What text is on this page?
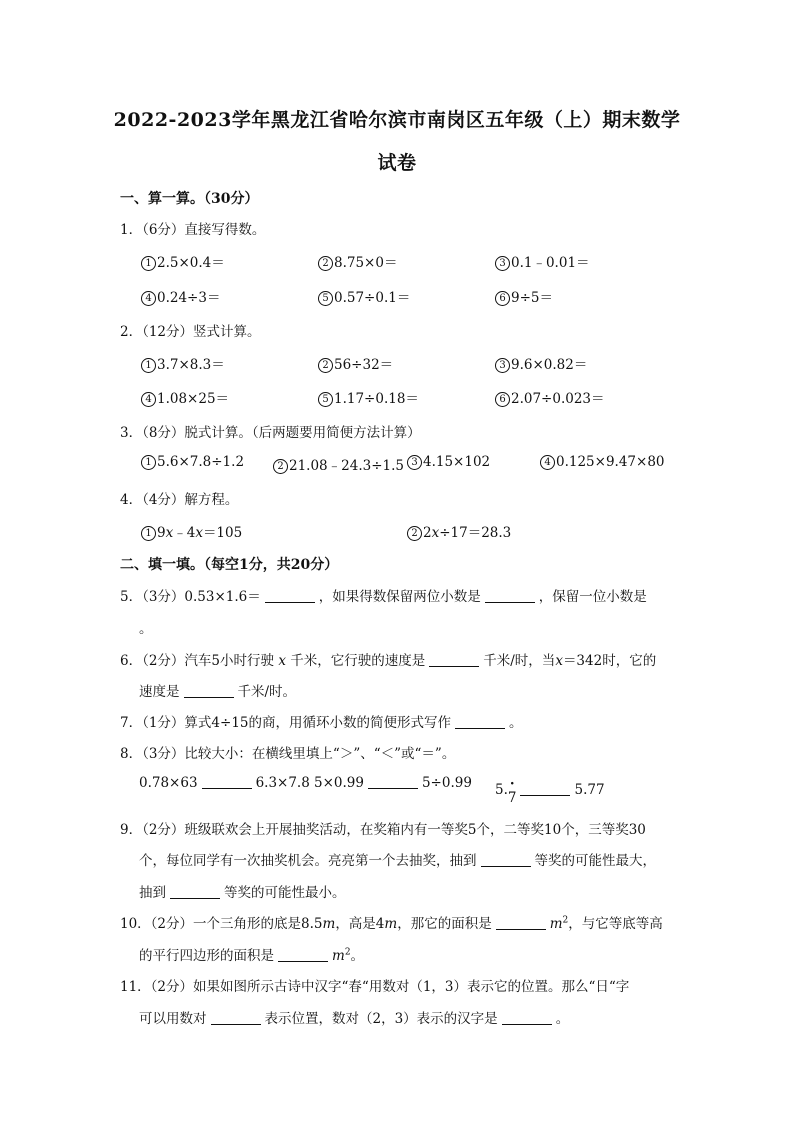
2022-2023学年黑龙江省哈尔滨市南岗区五年级（上）期末数学
试卷
一、算一算。（30分）
1．（6分）直接写得数。
1 2.5×0.4＝	2 8.75×0＝	3 0.1﹣0.01＝
4 0.24÷3＝	5 0.57÷0.1＝	6 9÷5＝
2．（12分）竖式计算。
1 3.7×8.3＝	2 56÷32＝	3 9.6×0.82＝
4 1.08×25＝	5 1.17÷0.18＝	6 2.07÷0.023＝
3．（8分）脱式计算。（后两题要用简便方法计算）
1 5.6×7.8÷1.2	2 21.08﹣24.3÷1.5 3 4.15×102	4 0.125×9.47×80
4．（4分）解方程。
1 9x﹣4x＝105	2 2x÷17＝28.3
二、填一填。（每空1分，共20分）
5．（3分）0.53×1.6＝	，如果得数保留两位小数是	，保留一位小数是
。
6．（2分）汽车5小时行驶 x 千米，它行驶的速度是	千米/时，当x＝342时，它的
速度是	千米/时。
7．（1分）算式4÷15的商，用循环小数的简便形式写作	。
8．（3分）比较大小：在横线里填上“＞”、“＜”或“＝”。
0.78×63	6.3×7.8 5×0.99	5÷0.99 5. ·
7	5.77
9．（2分）班级联欢会上开展抽奖活动，在奖箱内有一等奖5个，二等奖10个，三等奖30
个，每位同学有一次抽奖机会。亮亮第一个去抽奖，抽到	等奖的可能性最大，
抽到	等奖的可能性最小。
10．（2分）一个三角形的底是8.5m，高是4m，那它的面积是	$m^2$，与它等底等高
的平行四边形的面积是	$m^2$。
11．（2分）如果如图所示古诗中汉字“春“用数对（1，3）表示它的位置。那么“日“字
可以用数对	表示位置，数对（2，3）表示的汉字是	。
